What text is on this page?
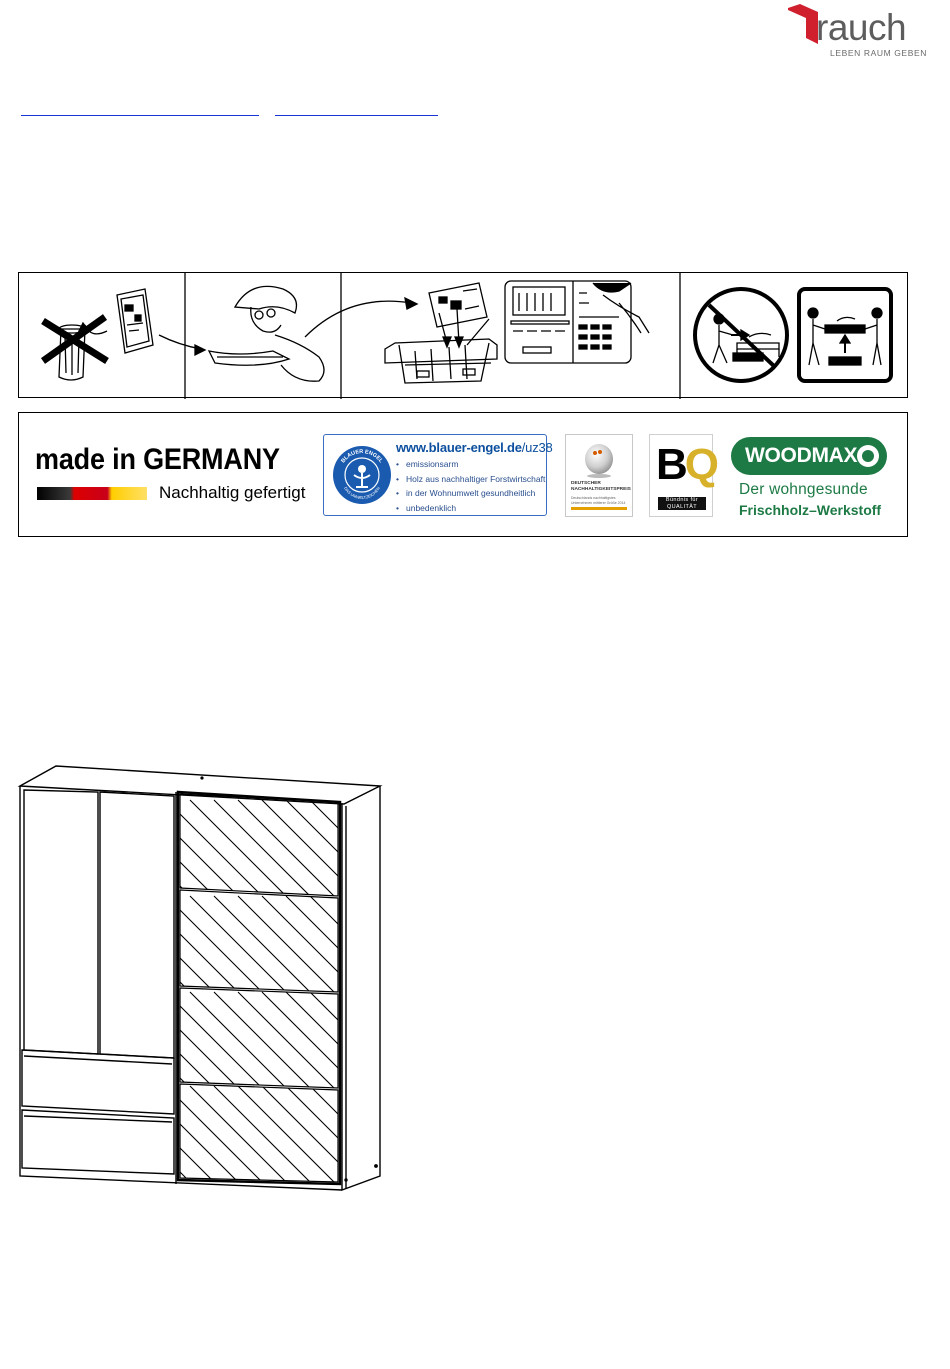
rauch
LEBEN RAUM GEBEN
made in GERMANY
Nachhaltig gefertigt
BLAUER ENGEL
DAS UMWELTZEICHEN
www.blauer-engel.de/uz38
• emissionsarm
• Holz aus nachhaltiger Forstwirtschaft
• in der Wohnumwelt gesundheitlich
• unbedenklich
DEUTSCHER
NACHHALTIGKEITSPREIS
Deutschlands nachhaltigstes
Unternehmen mittlerer Größe 2014
BQ
Bündnis für
QUALITÄT
WOODMAX
Der wohngesunde
Frischholz–Werkstoff
